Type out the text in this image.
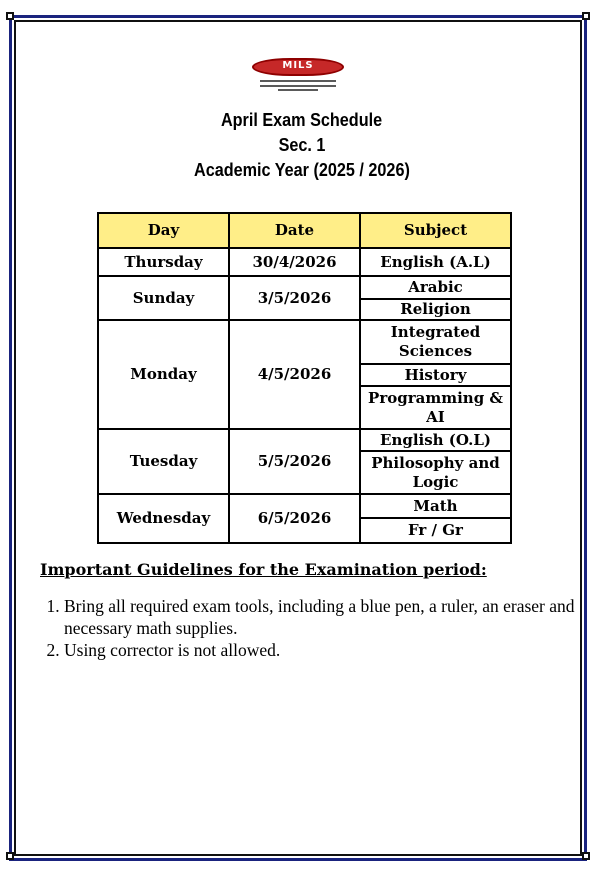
MILS
April Exam Schedule
Sec. 1
Academic Year (2025 / 2026)
Day	Date	Subject
Thursday	30/4/2026	English (A.L)
Sunday	3/5/2026	Arabic
		Religion
Monday	4/5/2026	Integrated Sciences
		History
		Programming & AI
Tuesday	5/5/2026	English (O.L)
		Philosophy and Logic
Wednesday	6/5/2026	Math
		Fr / Gr
Important Guidelines for the Examination period:
1. Bring all required exam tools, including a blue pen, a ruler, an eraser and necessary math supplies.
2. Using corrector is not allowed.
